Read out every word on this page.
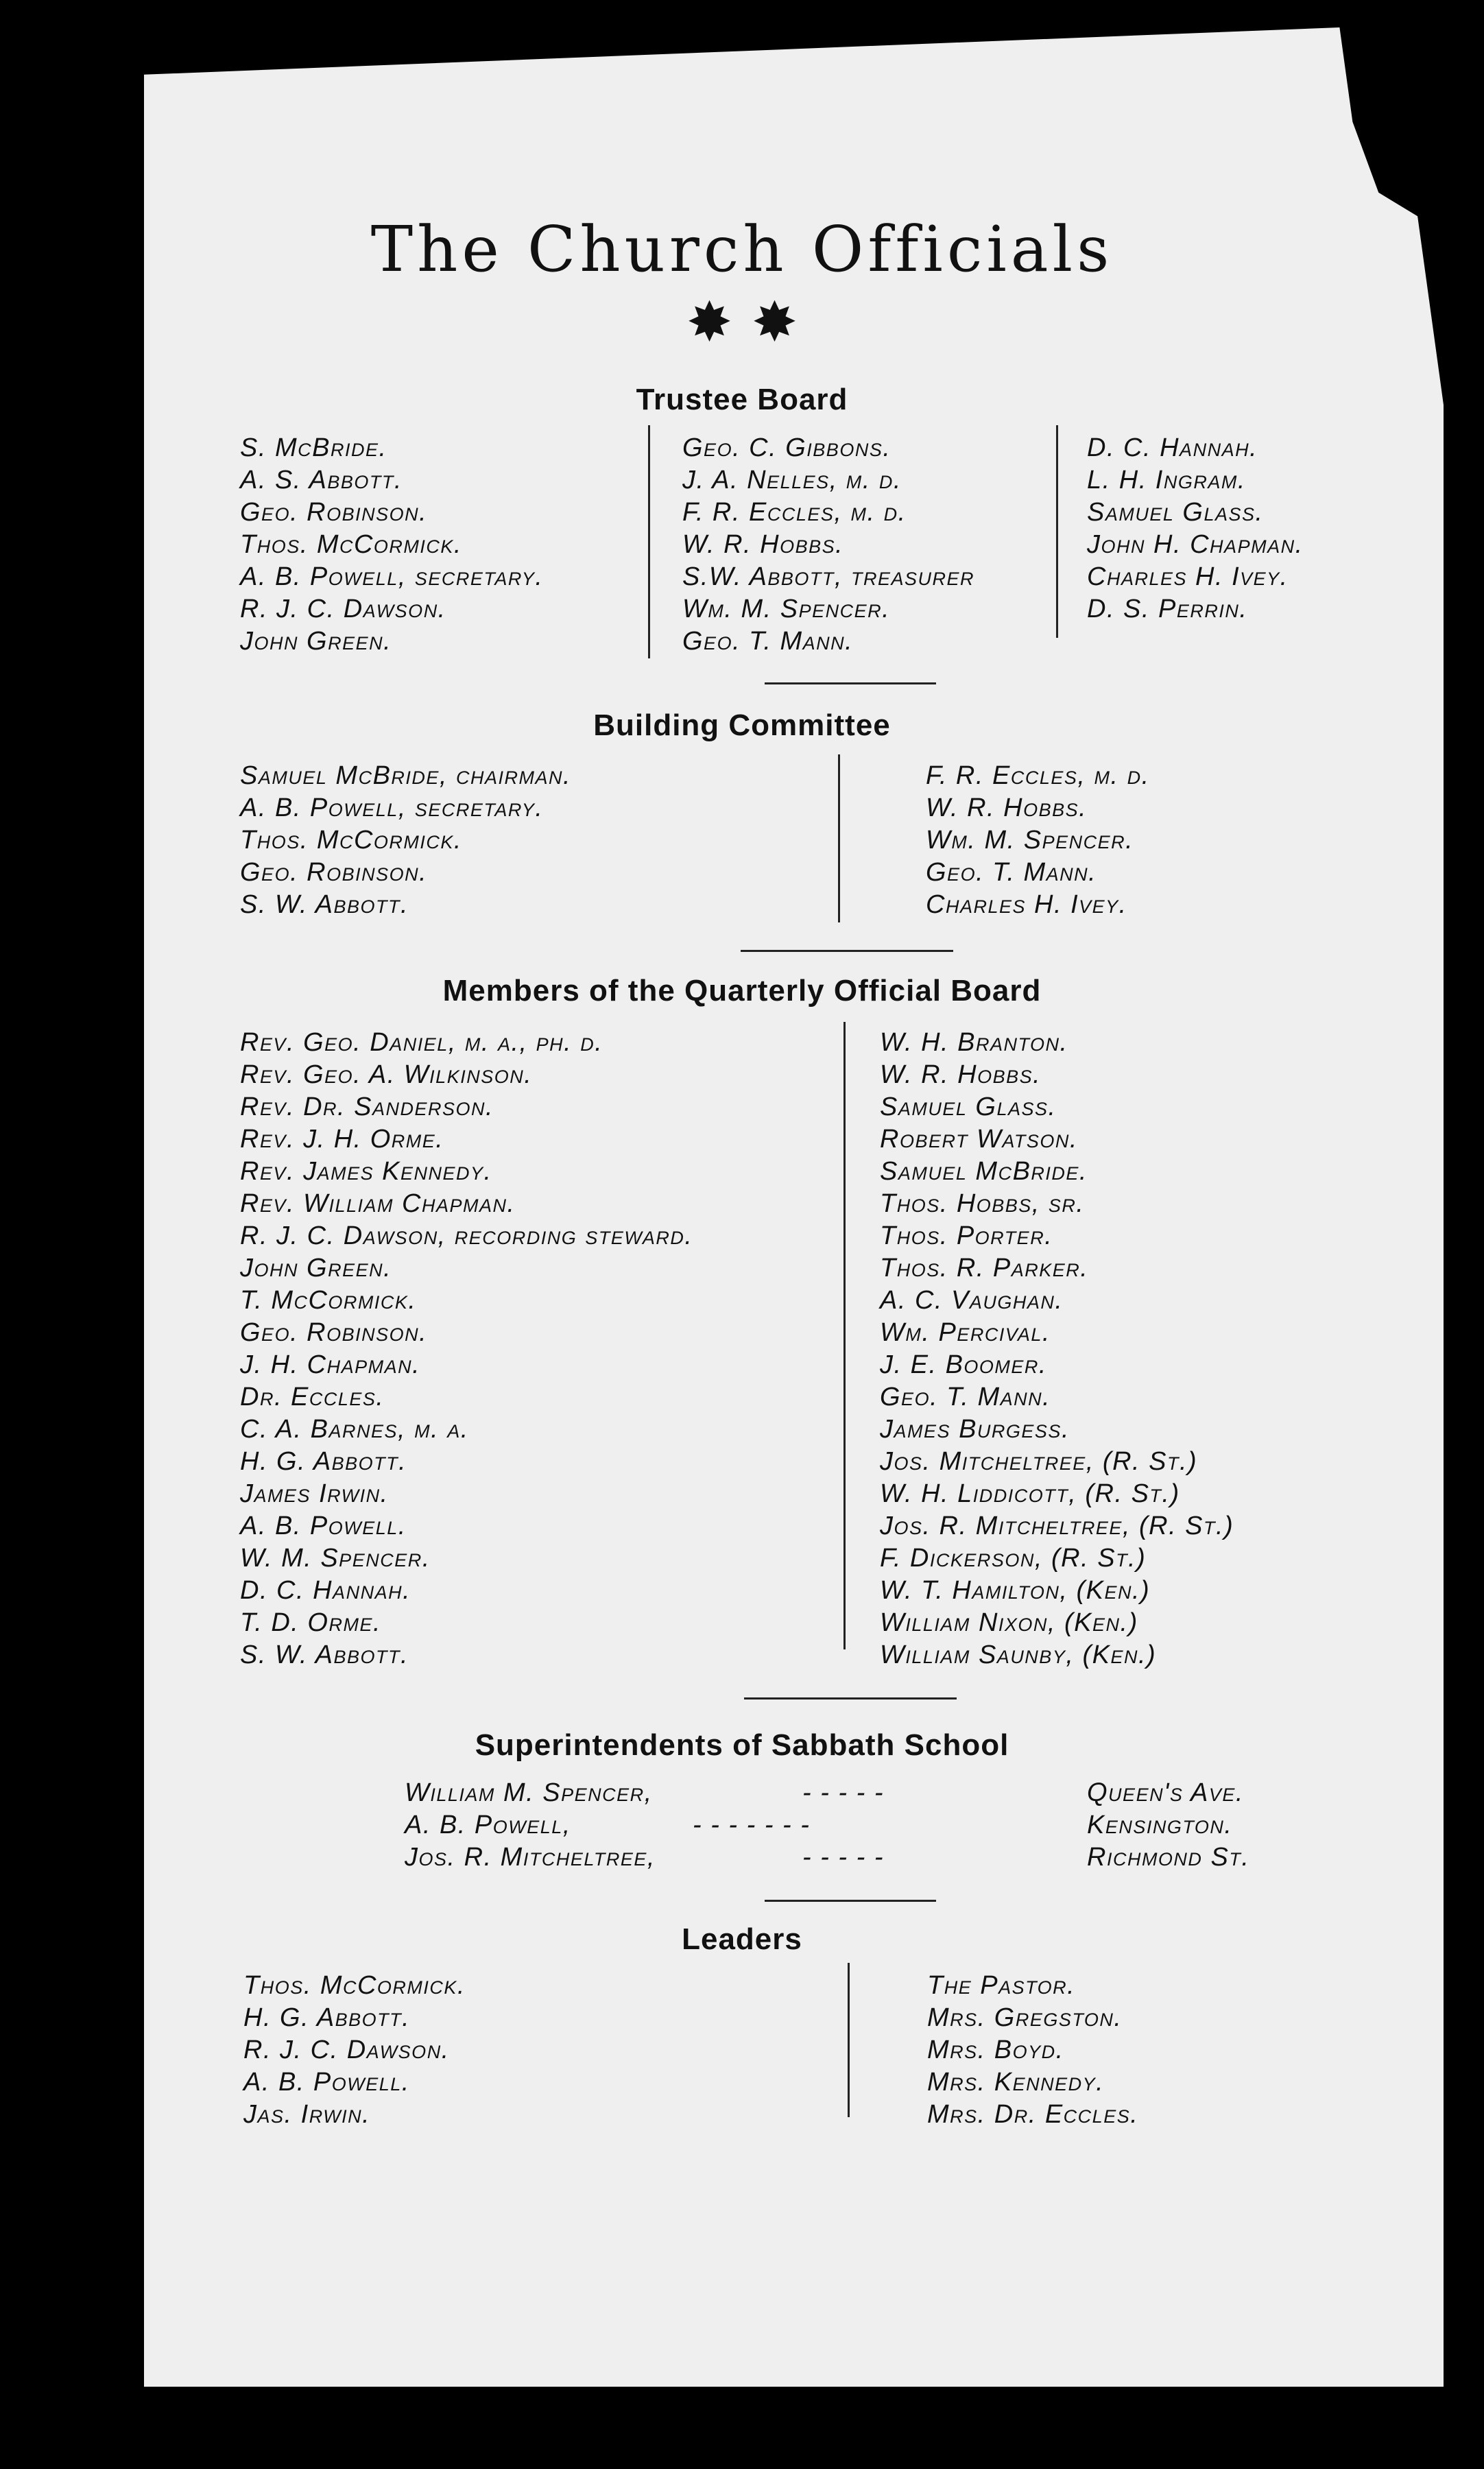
The Church Officials
✸ ✸
Trustee Board
S. McBride.
A. S. Abbott.
Geo. Robinson.
Thos. McCormick.
A. B. Powell, secretary.
R. J. C. Dawson.
John Green.
Geo. C. Gibbons.
J. A. Nelles, m. d.
F. R. Eccles, m. d.
W. R. Hobbs.
S.W. Abbott, treasurer
Wm. M. Spencer.
Geo. T. Mann.
D. C. Hannah.
L. H. Ingram.
Samuel Glass.
John H. Chapman.
Charles H. Ivey.
D. S. Perrin.
Building Committee
Samuel McBride, chairman.
A. B. Powell, secretary.
Thos. McCormick.
Geo. Robinson.
S. W. Abbott.
F. R. Eccles, m. d.
W. R. Hobbs.
Wm. M. Spencer.
Geo. T. Mann.
Charles H. Ivey.
Members of the Quarterly Official Board
Rev. Geo. Daniel, m. a., ph. d.
Rev. Geo. A. Wilkinson.
Rev. Dr. Sanderson.
Rev. J. H. Orme.
Rev. James Kennedy.
Rev. William Chapman.
R. J. C. Dawson, recording steward.
John Green.
T. McCormick.
Geo. Robinson.
J. H. Chapman.
Dr. Eccles.
C. A. Barnes, m. a.
H. G. Abbott.
James Irwin.
A. B. Powell.
W. M. Spencer.
D. C. Hannah.
T. D. Orme.
S. W. Abbott.
W. H. Branton.
W. R. Hobbs.
Samuel Glass.
Robert Watson.
Samuel McBride.
Thos. Hobbs, sr.
Thos. Porter.
Thos. R. Parker.
A. C. Vaughan.
Wm. Percival.
J. E. Boomer.
Geo. T. Mann.
James Burgess.
Jos. Mitcheltree, (R. St.)
W. H. Liddicott, (R. St.)
Jos. R. Mitcheltree, (R. St.)
F. Dickerson, (R. St.)
W. T. Hamilton, (Ken.)
William Nixon, (Ken.)
William Saunby, (Ken.)
Superintendents of Sabbath School
William M. Spencer,	- - - - -	Queen's Ave.
A. B. Powell,	- - - - - - -	Kensington.
Jos. R. Mitcheltree,	- - - - -	Richmond St.
Leaders
Thos. McCormick.
H. G. Abbott.
R. J. C. Dawson.
A. B. Powell.
Jas. Irwin.
The Pastor.
Mrs. Gregston.
Mrs. Boyd.
Mrs. Kennedy.
Mrs. Dr. Eccles.
